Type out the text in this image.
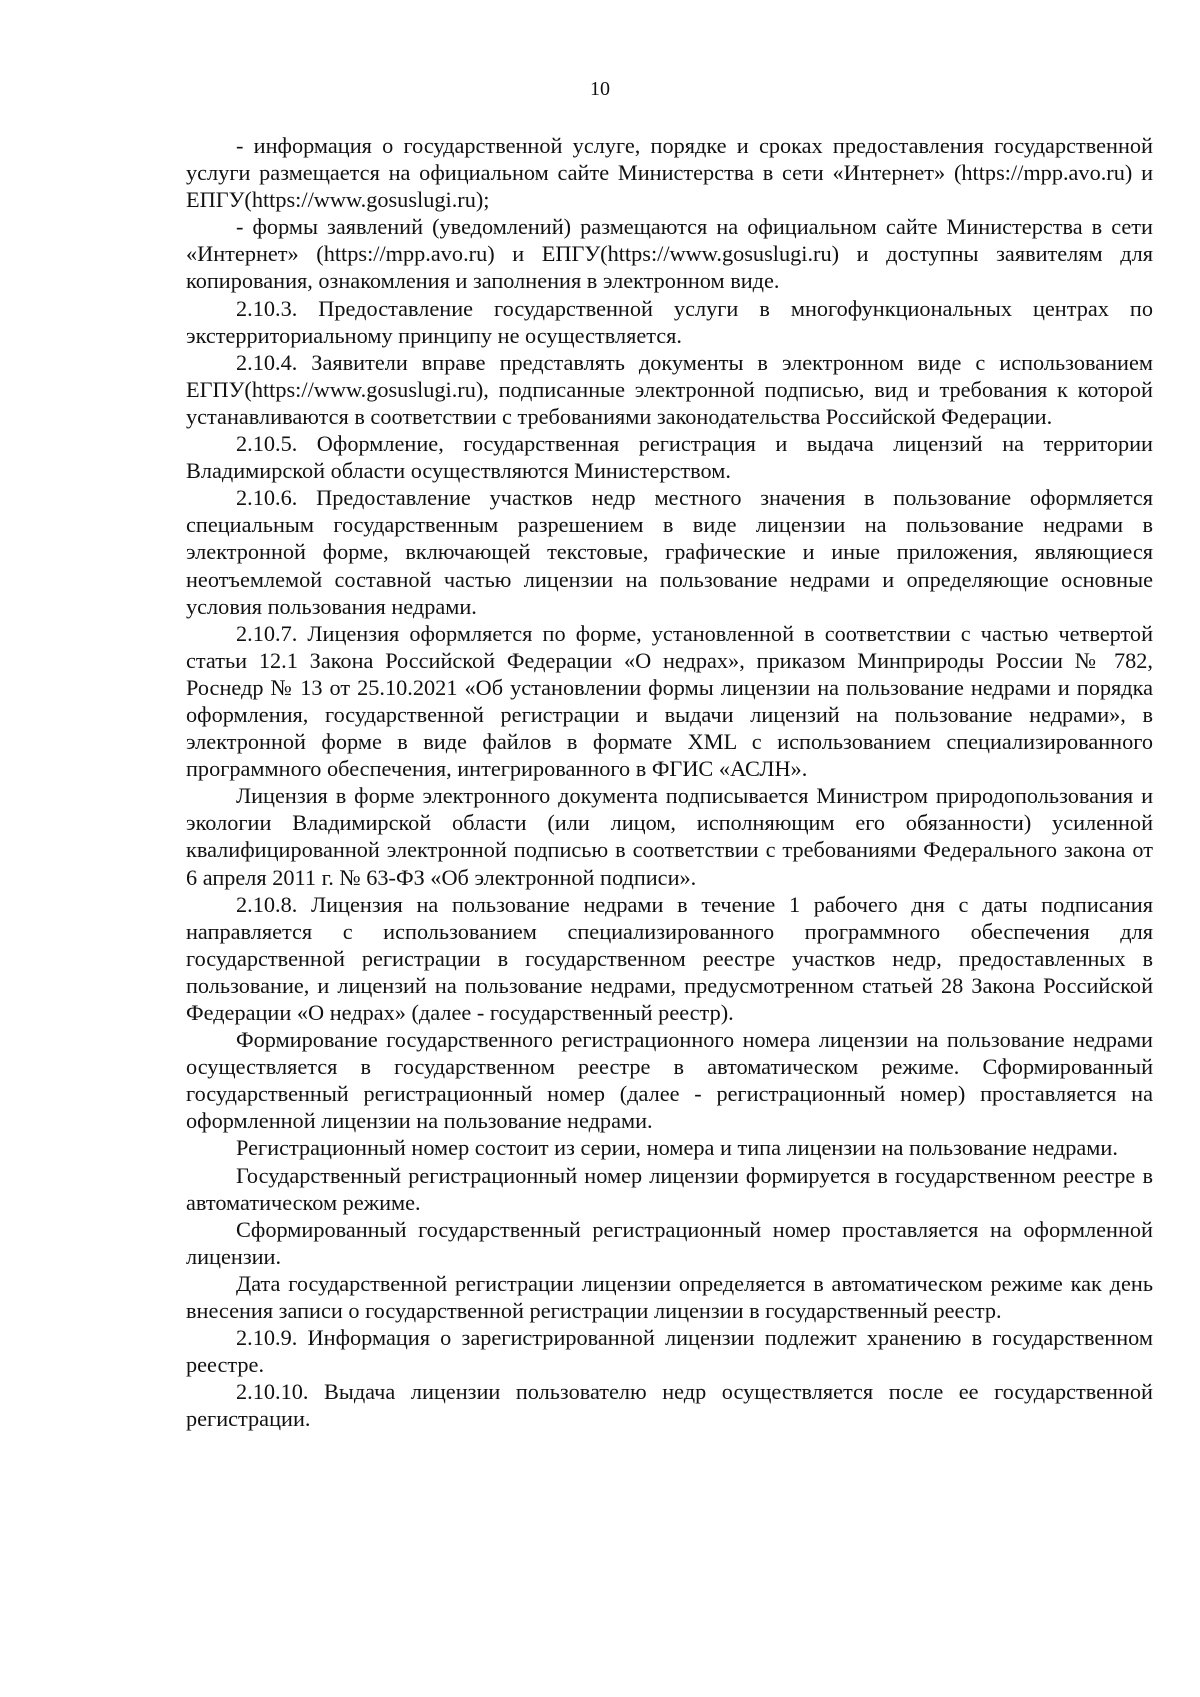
10

- информация о государственной услуге, порядке и сроках предоставления государственной услуги размещается на официальном сайте Министерства в сети «Интернет» (https://mpp.avo.ru) и ЕПГУ(https://www.gosuslugi.ru);

- формы заявлений (уведомлений) размещаются на официальном сайте Министерства в сети «Интернет» (https://mpp.avo.ru) и ЕПГУ(https://www.gosuslugi.ru) и доступны заявителям для копирования, ознакомления и заполнения в электронном виде.

2.10.3. Предоставление государственной услуги в многофункциональных центрах по экстерриториальному принципу не осуществляется.

2.10.4. Заявители вправе представлять документы в электронном виде с использованием ЕГПУ(https://www.gosuslugi.ru), подписанные электронной подписью, вид и требования к которой устанавливаются в соответствии с требованиями законодательства Российской Федерации.

2.10.5. Оформление, государственная регистрация и выдача лицензий на территории Владимирской области осуществляются Министерством.

2.10.6. Предоставление участков недр местного значения в пользование оформляется специальным государственным разрешением в виде лицензии на пользование недрами в электронной форме, включающей текстовые, графические и иные приложения, являющиеся неотъемлемой составной частью лицензии на пользование недрами и определяющие основные условия пользования недрами.

2.10.7. Лицензия оформляется по форме, установленной в соответствии с частью четвертой статьи 12.1 Закона Российской Федерации «О недрах», приказом Минприроды России № 782, Роснедр № 13 от 25.10.2021 «Об установлении формы лицензии на пользование недрами и порядка оформления, государственной регистрации и выдачи лицензий на пользование недрами», в электронной форме в виде файлов в формате XML с использованием специализированного программного обеспечения, интегрированного в ФГИС «АСЛН».

Лицензия в форме электронного документа подписывается Министром природопользования и экологии Владимирской области (или лицом, исполняющим его обязанности) усиленной квалифицированной электронной подписью в соответствии с требованиями Федерального закона от 6 апреля 2011 г. № 63-ФЗ «Об электронной подписи».

2.10.8. Лицензия на пользование недрами в течение 1 рабочего дня с даты подписания направляется с использованием специализированного программного обеспечения для государственной регистрации в государственном реестре участков недр, предоставленных в пользование, и лицензий на пользование недрами, предусмотренном статьей 28 Закона Российской Федерации «О недрах» (далее - государственный реестр).

Формирование государственного регистрационного номера лицензии на пользование недрами осуществляется в государственном реестре в автоматическом режиме. Сформированный государственный регистрационный номер (далее - регистрационный номер) проставляется на оформленной лицензии на пользование недрами.

Регистрационный номер состоит из серии, номера и типа лицензии на пользование недрами.

Государственный регистрационный номер лицензии формируется в государственном реестре в автоматическом режиме.

Сформированный государственный регистрационный номер проставляется на оформленной лицензии.

Дата государственной регистрации лицензии определяется в автоматическом режиме как день внесения записи о государственной регистрации лицензии в государственный реестр.

2.10.9. Информация о зарегистрированной лицензии подлежит хранению в государственном реестре.

2.10.10. Выдача лицензии пользователю недр осуществляется после ее государственной регистрации.
